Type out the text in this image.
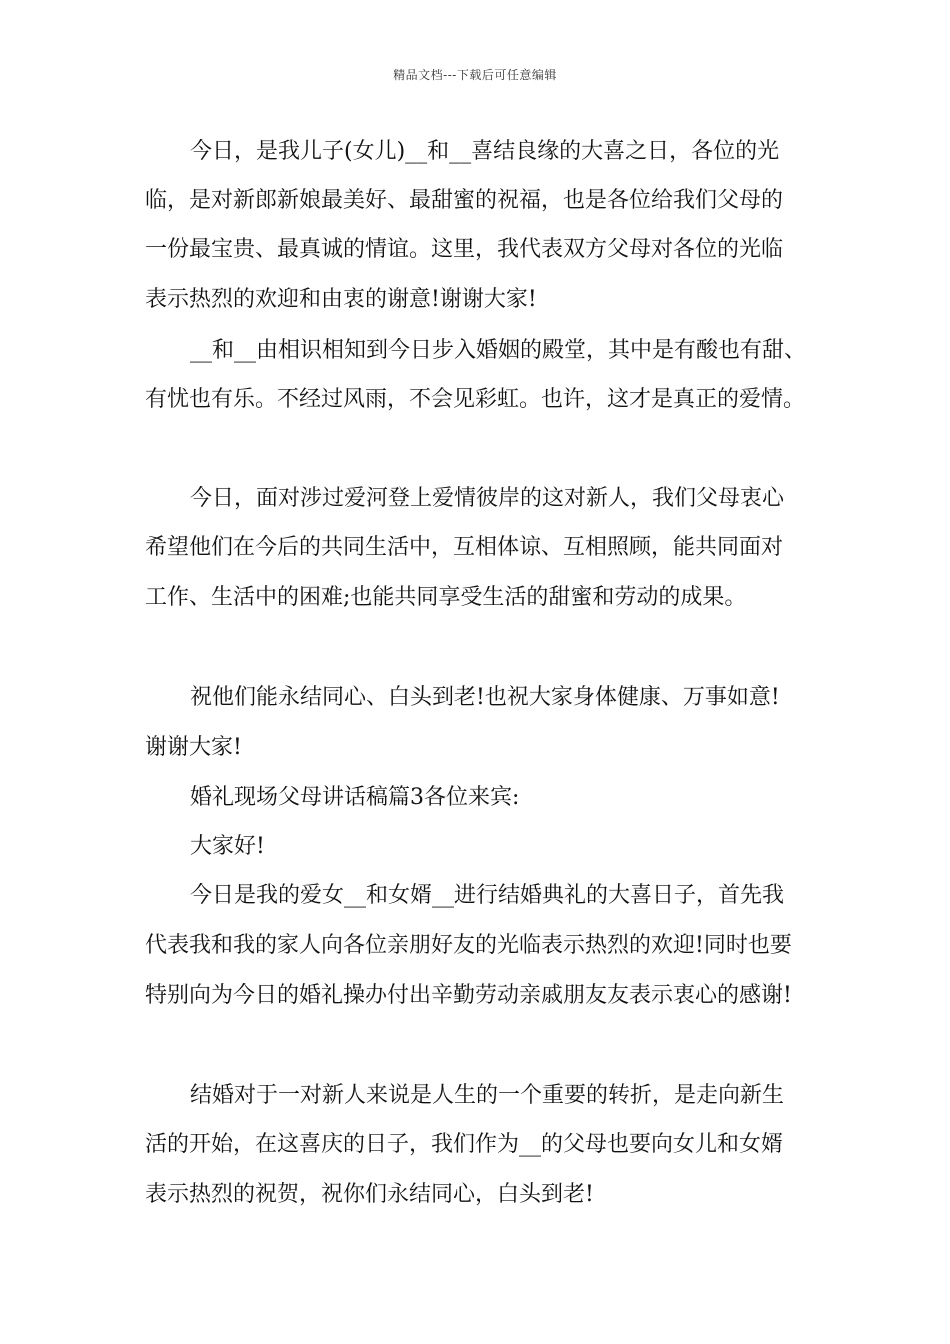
精品文档---下载后可任意编辑
今日，是我儿子(女儿)__和__喜结良缘的大喜之日，各位的光
临，是对新郎新娘最美好、最甜蜜的祝福，也是各位给我们父母的
一份最宝贵、最真诚的情谊。这里，我代表双方父母对各位的光临
表示热烈的欢迎和由衷的谢意!谢谢大家!
__和__由相识相知到今日步入婚姻的殿堂，其中是有酸也有甜、
有忧也有乐。不经过风雨，不会见彩虹。也许，这才是真正的爱情。
今日，面对涉过爱河登上爱情彼岸的这对新人，我们父母衷心
希望他们在今后的共同生活中，互相体谅、互相照顾，能共同面对
工作、生活中的困难;也能共同享受生活的甜蜜和劳动的成果。
祝他们能永结同心、白头到老!也祝大家身体健康、万事如意!
谢谢大家!
婚礼现场父母讲话稿篇3各位来宾:
大家好!
今日是我的爱女__和女婿__进行结婚典礼的大喜日子，首先我
代表我和我的家人向各位亲朋好友的光临表示热烈的欢迎!同时也要
特别向为今日的婚礼操办付出辛勤劳动亲戚朋友友表示衷心的感谢!
结婚对于一对新人来说是人生的一个重要的转折，是走向新生
活的开始，在这喜庆的日子，我们作为__的父母也要向女儿和女婿
表示热烈的祝贺，祝你们永结同心，白头到老!
